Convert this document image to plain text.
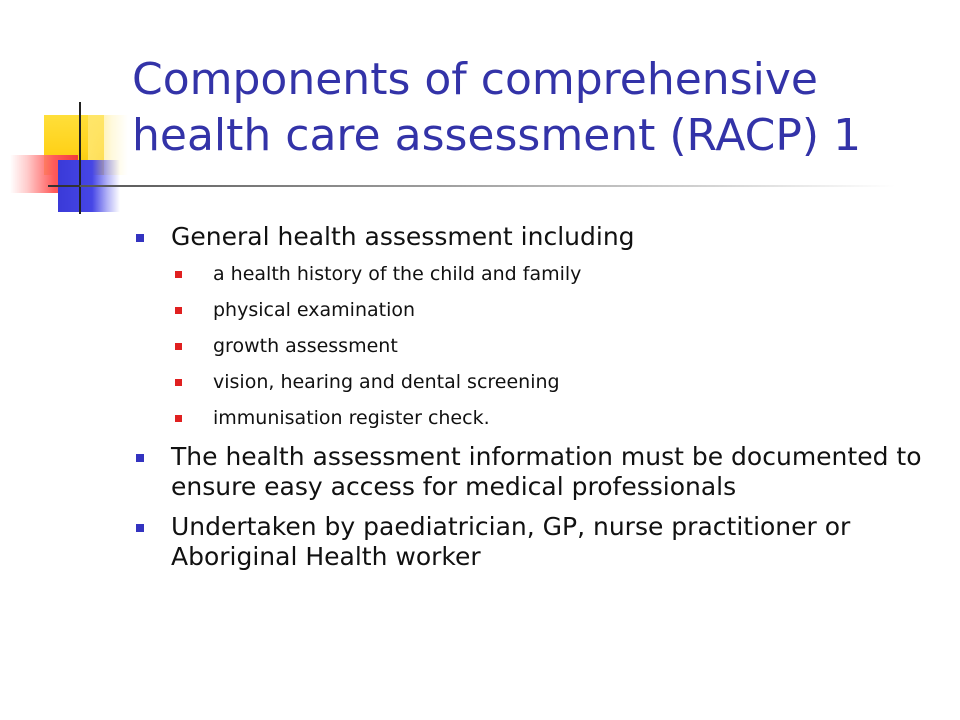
Components of comprehensive health care assessment (RACP) 1
General health assessment including
a health history of the child and family
physical examination
growth assessment
vision, hearing and dental screening
immunisation register check.
The health assessment information must be documented to ensure easy access for medical professionals
Undertaken by paediatrician, GP, nurse practitioner or Aboriginal Health worker
